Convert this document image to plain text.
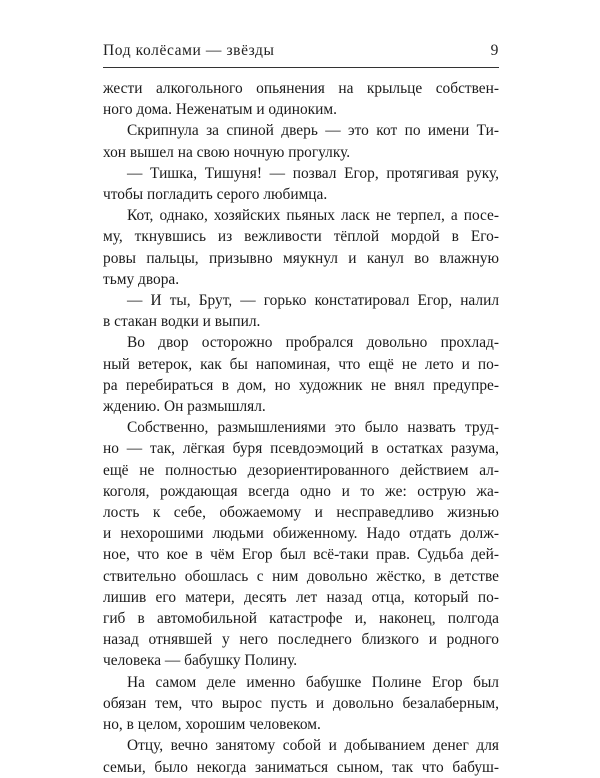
Под колёсами — звёзды	9

жести алкогольного опьянения на крыльце собствен-

ного дома. Неженатым и одиноким.

Скрипнула за спиной дверь — это кот по имени Ти-

хон вышел на свою ночную прогулку.

— Тишка, Тишуня! — позвал Егор, протягивая руку,

чтобы погладить серого любимца.

Кот, однако, хозяйских пьяных ласк не терпел, а посе-

му, ткнувшись из вежливости тёплой мордой в Его-

ровы пальцы, призывно мяукнул и канул во влажную

тьму двора.

— И ты, Брут, — горько констатировал Егор, налил

в стакан водки и выпил.

Во двор осторожно пробрался довольно прохлад-

ный ветерок, как бы напоминая, что ещё не лето и по-

ра перебираться в дом, но художник не внял предупре-

ждению. Он размышлял.

Собственно, размышлениями это было назвать труд-

но — так, лёгкая буря псевдоэмоций в остатках разума,

ещё не полностью дезориентированного действием ал-

коголя, рождающая всегда одно и то же: острую жа-

лость к себе, обожаемому и несправедливо жизнью

и нехорошими людьми обиженному. Надо отдать долж-

ное, что кое в чём Егор был всё-таки прав. Судьба дей-

ствительно обошлась с ним довольно жёстко, в детстве

лишив его матери, десять лет назад отца, который по-

гиб в автомобильной катастрофе и, наконец, полгода

назад отнявшей у него последнего близкого и родного

человека — бабушку Полину.

На самом деле именно бабушке Полине Егор был

обязан тем, что вырос пусть и довольно безалаберным,

но, в целом, хорошим человеком.

Отцу, вечно занятому собой и добыванием денег для

семьи, было некогда заниматься сыном, так что бабуш-
